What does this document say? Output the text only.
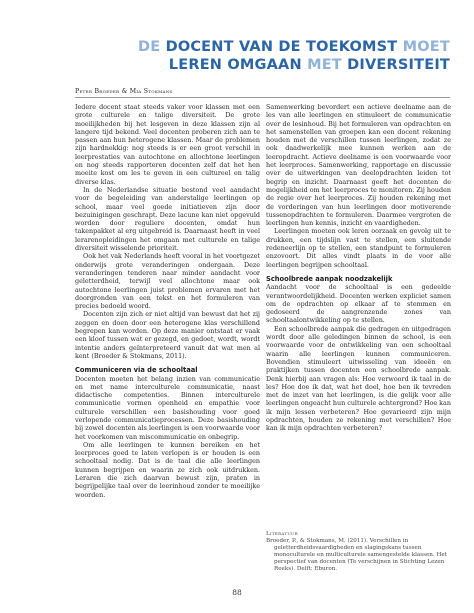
DE DOCENT VAN DE TOEKOMST MOET
LEREN OMGAAN MET DIVERSITEIT
Peter Broeder & Mia Stokmans

Iedere docent staat steeds vaker voor klassen met een grote culturele en talige diversiteit. De grote moeilijkheden bij het lesgeven in deze klassen zijn al langere tijd bekend. Veel docenten proberen zich aan te passen aan hun heterogene klassen. Maar de problemen zijn hardnekkig: nog steeds is er een groot verschil in leerprestaties van autochtone en allochtone leerlingen en nog steeds rapporteren docenten zelf dat het hen moeite kost om les te geven in een cultureel en talig diverse klas.

In de Nederlandse situatie bestond veel aandacht voor de begeleiding van anderstalige leerlingen op school, maar veel goede initiatieven zijn door bezuinigingen geschrapt. Deze lacune kan niet opgevuld worden door reguliere docenten, omdat hun takenpakket al erg uitgebreid is. Daarnaast heeft in veel lerarenopleidingen het omgaan met culturele en talige diversiteit wisselende prioriteit.

Ook het vak Nederlands heeft vooral in het voortgezet onderwijs grote veranderingen ondergaan. Deze veranderingen tenderen naar minder aandacht voor geletterdheid, terwijl veel allochtone maar ook autochtone leerlingen juist problemen ervaren met het doorgronden van een tekst en het formuleren van precies bedoeld woord.

Docenten zijn zich er niet altijd van bewust dat het zij zeggen en doen door een heterogene klas verschillend begrepen kan worden. Op deze manier ontstaat er vaak een kloof tussen wat er gezegd, en gedoet, wordt, wordt intentie anders geïnterpreteerd vanuit dat wat men al kent (Broeder & Stokmans, 2011).

Communiceren via de schooltaal

Docenten moeten het belang inzien van communicatie en met name interculturele communicatie, naast didactische competenties. Binnen interculturele communicatie vormen openheid en empathie voor culturele verschillen een basishouding voor goed verlopende communicatieprocessen. Deze basishouding bij zowel docenten als leerlingen is een voorwaarde voor het voorkomen van miscommunicatie en onbegrip.

Om alle leerlingen te kunnen bereiken en het leerproces goed te laten verlopen is er houden is een schooltaal nodig. Dat is de taal die alle leerlingen kunnen begrijpen en waarin ze zich ook uitdrukken. Leraren die zich daarvan bewust zijn, praten in begrijpelijke taal over de leerinhoud zonder te moeilijke woorden.

Samenwerking bevordert een actieve deelname aan de les van alle leerlingen en stimuleert de communicatie over de lesinhoud. Bij het formuleren van opdrachten en het samenstellen van groepen kan een docent rekening houden met de verschillen tussen leerlingen, zodat ze ook daadwerkelijk mee kunnen werken aan de leeropdracht. Actieve deelname is een voorwaarde voor het leerproces. Samenwerking, rapportage en discussie over de uitwerkingen van deelopdrachten leiden tot begrip en inzicht. Daarnaast geeft het docenten de mogelijkheid om het leerproces te monitoren. Zij houden de regie over het leerproces. Zij houden rekening met de vorderingen van hun leerlingen door motiverende tussenopdrachten te formuleren. Daarmee vergroten de leerlingen hun kennis, inzicht en vaardigheden.

Leerlingen moeten ook leren oorzaak en gevolg uit te drukken, een tijdslijn vast te stellen, een sluitende redeneerlijn op te stellen, een standpunt te formuleren enzovoort. Dit alles vindt plaats in de voor alle leerlingen begrijpen schooltaal.

Schoolbrede aanpak noodzakelijk

Aandacht voor de schooltaal is een gedeelde verantwoordelijkheid. Docenten werken expliciet samen om de opdrachten op elkaar af te stemmen en gedoseerd de aangrenzende zones van schooltaalontwikkeling op te stellen.

Een schoolbrede aanpak die gedragen en uitgedragen wordt door alle geledingen binnen de school, is een voorwaarde voor de ontwikkeling van een schooltaal waarin alle leerlingen kunnen communiceren. Bovendien stimuleert uitwisseling van ideeën en praktijken tussen docenten een schoolbrede aanpak. Denk hierbij aan vragen als: Hoe verwoord ik taal in de les? Hoe doe ik dat, wat het doel, hoe ben ik tevreden met de inzet van het leerlingen, is die gelijk voor alle leerlingen ongeacht hun culturele achtergrond? Hoe kan ik mijn lessen verbeteren? Hoe gevarieerd zijn mijn opdrachten, houden ze rekening met verschillen? Hoe kan ik mijn opdrachten verbeteren?

Literatuur
Broeder, P., & Stokmans, M. (2011). Verschillen in geletterdheidsvaardigheden en slagingskans tussen monoculturele en multiculturele samengestelde klassen. Het perspectief van docenten (Te verschijnen in Stichting Lezen Reeks). Delft: Eburon.
88
